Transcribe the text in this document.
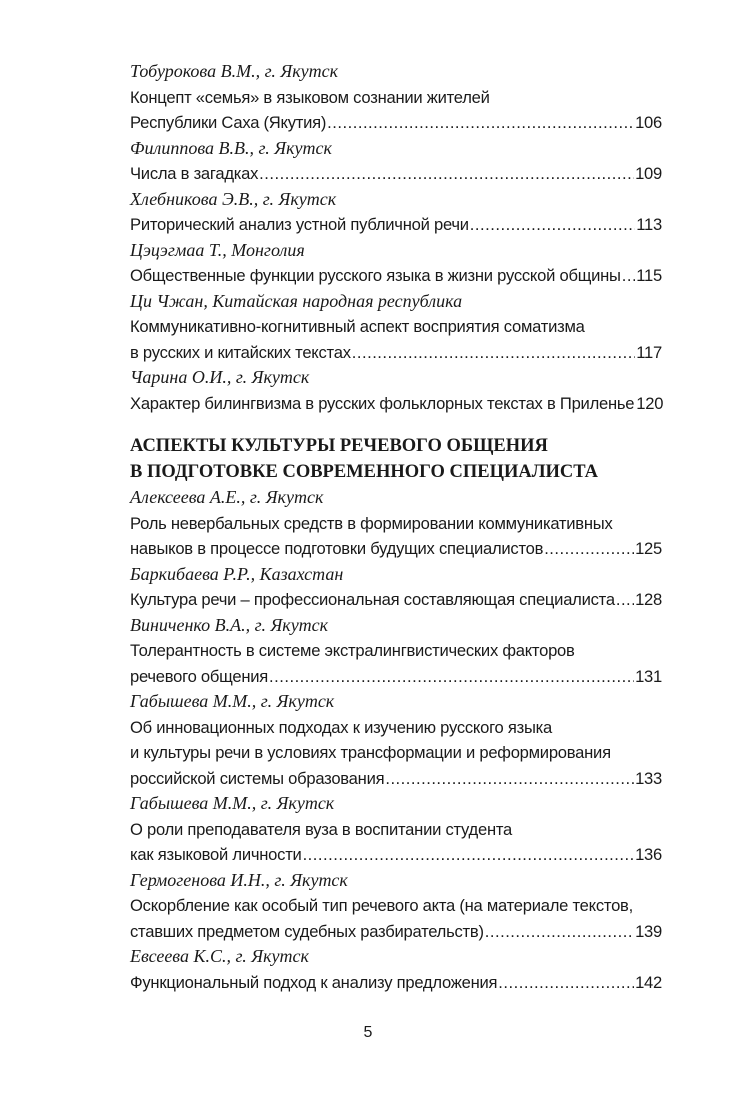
Тобурокова В.М., г. Якутск
Концепт «семья» в языковом сознании жителей
Республики Саха (Якутия) .....	106
Филиппова В.В., г. Якутск
Числа в загадках .....	109
Хлебникова Э.В., г. Якутск
Риторический анализ устной публичной речи .....	113
Цэцэгмаа Т., Монголия
Общественные функции русского языка в жизни русской общины ..... 115
Ци Чжан, Китайская народная республика
Коммуникативно-когнитивный аспект восприятия соматизма
в русских и китайских текстах .....	117
Чарина О.И., г. Якутск
Характер билингвизма в русских фольклорных текстах в Приленье 120
АСПЕКТЫ КУЛЬТУРЫ РЕЧЕВОГО ОБЩЕНИЯ
В ПОДГОТОВКЕ СОВРЕМЕННОГО СПЕЦИАЛИСТА
Алексеева А.Е., г. Якутск
Роль невербальных средств в формировании коммуникативных
навыков в процессе подготовки будущих специалистов .....	125
Баркибаева Р.Р., Казахстан
Культура речи – профессиональная составляющая специалиста ..... 128
Виниченко В.А., г. Якутск
Толерантность в системе экстралингвистических факторов
речевого общения .....	131
Габышева М.М., г. Якутск
Об инновационных подходах к изучению русского языка
и культуры речи в условиях трансформации и реформирования
российской системы образования .....	133
Габышева М.М., г. Якутск
О роли преподавателя вуза в воспитании студента
как языковой личности .....	136
Гермогенова И.Н., г. Якутск
Оскорбление как особый тип речевого акта (на материале текстов,
ставших предметом судебных разбирательств) .....	139
Евсеева К.С., г. Якутск
Функциональный подход к анализу предложения .....	142
5
